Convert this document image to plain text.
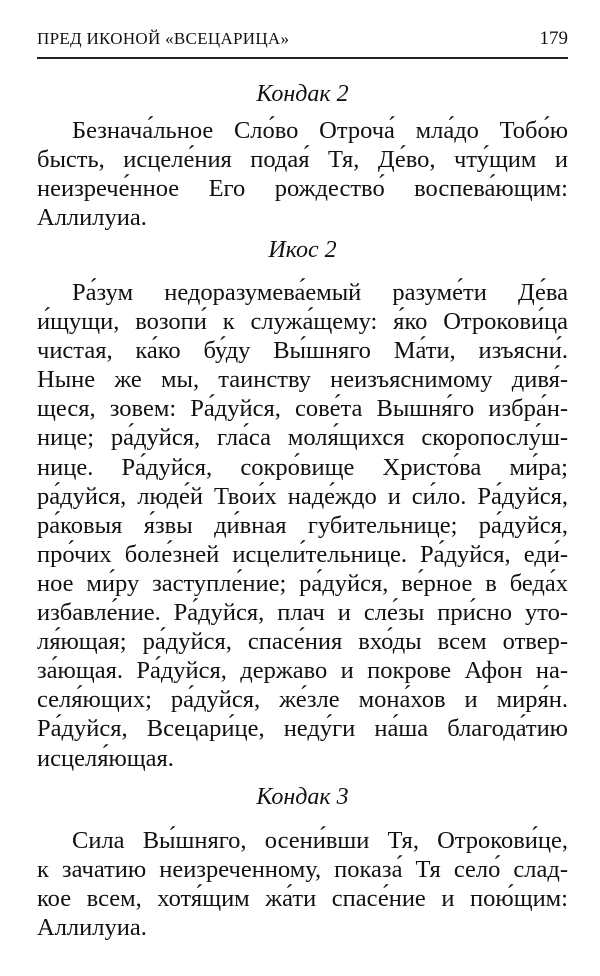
ПРЕД ИКОНОЙ «ВСЕЦАРИЦА»	179
Кондак 2
Безнача́льное Сло́во Отроча́ мла́до Тобо́ю
бысть, исцеле́ния подая́ Тя, Де́во, чту́щим и
неизрече́нное Его рождество́ воспева́ющим:
Аллилуиа.
Икос 2
Ра́зум недоразумева́емый разуме́ти Де́ва
и́щущи, возопи́ к служа́щему: я́ко Отрокови́ца
чистая, ка́ко бу́ду Вы́шняго Ма́ти, изъясни́.
Ныне же мы, таинству неизъяснимому дивя́-
щеся, зовем: Ра́дуйся, сове́та Вышня́го избра́н-
нице; ра́дуйся, гла́са моля́щихся скоропослу́ш-
нице. Ра́дуйся, сокро́вище Христо́ва ми́ра;
ра́дуйся, люде́й Твои́х наде́ждо и си́ло. Ра́дуйся,
ра́ковыя я́звы ди́вная губительнице; ра́дуйся,
про́чих боле́зней исцели́тельнице. Ра́дуйся, еди́-
ное ми́ру заступле́ние; ра́дуйся, ве́рное в беда́х
избавле́ние. Ра́дуйся, плач и сле́зы при́сно уто-
ля́ющая; ра́дуйся, спасе́ния вхо́ды всем отвер-
за́ющая. Ра́дуйся, державо и покрове Афон на-
селя́ющих; ра́дуйся, же́зле мона́хов и миря́н.
Ра́дуйся, Всецари́це, неду́ги на́ша благода́тию
исцеля́ющая.
Кондак 3
Сила Вы́шняго, осени́вши Тя, Отрокови́це,
к зачатию неизреченному, показа́ Тя село́ слад-
кое всем, хотя́щим жа́ти спасе́ние и пою́щим:
Аллилуиа.
